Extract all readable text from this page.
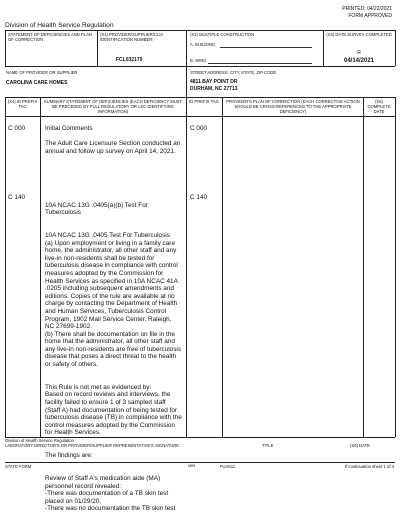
PRINTED: 04/22/2021
FORM APPROVED
Division of Health Service Regulation
STATEMENT OF DEFICIENCIES AND PLAN OF CORRECTION
(X1) PROVIDER/SUPPLIER/CLIA IDENTIFICATION NUMBER:
FCL032170
(X2) MULTIPLE CONSTRUCTION
A. BUILDING:
B. WING
(X3) DATE SURVEY COMPLETED
R
04/14/2021
NAME OF PROVIDER OR SUPPLIER
CAROLINA CARE HOMES
STREET ADDRESS, CITY, STATE, ZIP CODE
4811 BAY POINT DR
DURHAM, NC 27713
(X4) ID PREFIX TAG
SUMMARY STATEMENT OF DEFICIENCIES (EACH DEFICIENCY MUST BE PRECEDED BY FULL REGULATORY OR LSC IDENTIFYING INFORMATION)
ID PREFIX TAG	PROVIDER'S PLAN OF CORRECTION (EACH CORRECTIVE ACTION SHOULD BE CROSS-REFERENCED TO THE APPROPRIATE DEFICIENCY)
(X5) COMPLETE DATE
C 000	C 000

Initial Comments

The Adult Care Licensure Section conducted an annual and follow up survey on April 14, 2021.

C 140	C 140

10A NCAC 13G .0405(a)(b) Test For Tuberculosis

10A NCAC 13G .0405 Test For Tuberculosis
(a) Upon employment or living in a family care home, the administrator, all other staff and any live-in non-residents shall be tested for tuberculosis disease in compliance with control measures adopted by the Commission for Health Services as specified in 10A NCAC 41A .0205 including subsequent amendments and editions. Copies of the rule are available at no charge by contacting the Department of Health and Human Services, Tuberculosis Control Program, 1902 Mail Service Center, Raleigh, NC 27699-1902.
(b) There shall be documentation on file in the home that the administrator, all other staff and any live-in non-residents are free of tuberculosis disease that poses a direct threat to the health or safety of others.

This Rule is not met as evidenced by:
Based on record reviews and interviews, the facility failed to ensure 1 of 3 sampled staff (Staff A) had documentation of being tested for tuberculosis disease (TB) in compliance with the control measures adopted by the Commission for Health Services.

The findings are:

Review of Staff A's medication aide (MA) personnel record revealed:
-There was documentation of a TB skin test placed on 01/29/20.
-There was no documentation the TB skin test

Division of Health Service Regulation
LABORATORY DIRECTOR'S OR PROVIDER/SUPPLIER REPRESENTATIVE'S SIGNATURE	TITLE	(X6) DATE
STATE FORM	6899	FUA611	If continuation sheet 1 of 4
